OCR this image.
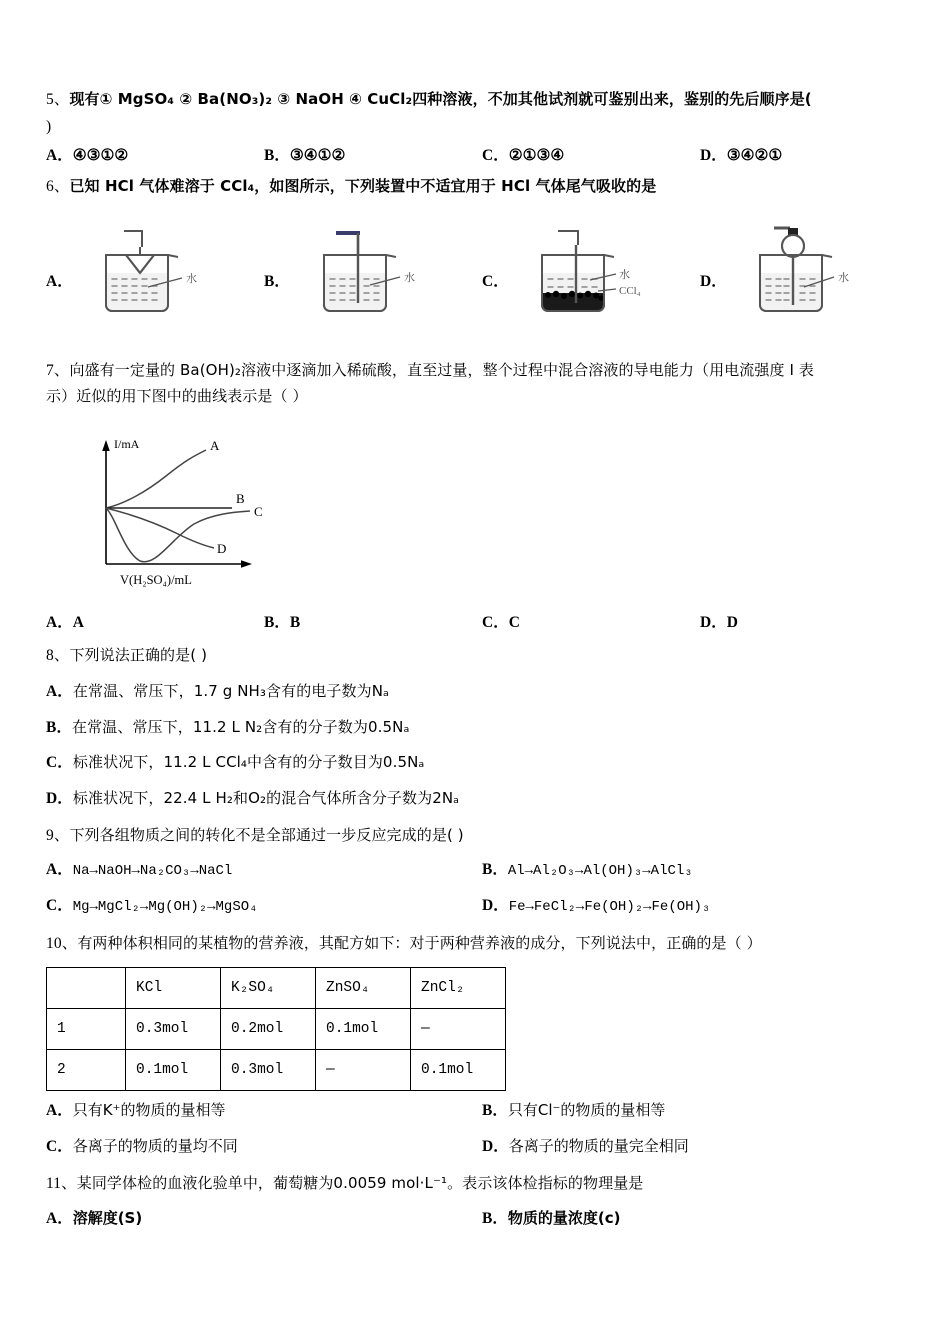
5、现有① MgSO₄ ② Ba(NO₃)₂ ③ NaOH ④ CuCl₂四种溶液，不加其他试剂就可鉴别出来，鉴别的先后顺序是(
)
A．④③①②	B．③④①②	C．②①③④	D．③④②①
6、已知 HCl 气体难溶于 CCl₄，如图所示，下列装置中不适宜用于 HCl 气体尾气吸收的是
A．	水	B．	水	C．	水
CCl₄
D．	水
7、向盛有一定量的 Ba(OH)₂溶液中逐滴加入稀硫酸，直至过量，整个过程中混合溶液的导电能力（用电流强度 I 表
示）近似的用下图中的曲线表示是（ ）
I/mA
V(H₂SO₄)/mL
A
B
C
D
A．A	B．B	C．C	D．D
8、下列说法正确的是( )
A．在常温、常压下，1.7 g NH₃含有的电子数为Nₐ
B．在常温、常压下，11.2 L N₂含有的分子数为0.5Nₐ
C．标准状况下，11.2 L CCl₄中含有的分子数目为0.5Nₐ
D．标准状况下，22.4 L H₂和O₂的混合气体所含分子数为2Nₐ
9、下列各组物质之间的转化不是全部通过一步反应完成的是( )
A．Na→NaOH→Na₂CO₃→NaCl	B．Al→Al₂O₃→Al(OH)₃→AlCl₃
C．Mg→MgCl₂→Mg(OH)₂→MgSO₄	D．Fe→FeCl₂→Fe(OH)₂→Fe(OH)₃
10、有两种体积相同的某植物的营养液，其配方如下：对于两种营养液的成分，下列说法中，正确的是（ ）
	KCl	K₂SO₄	ZnSO₄	ZnCl₂
1	0.3mol	0.2mol	0.1mol	—
2	0.1mol	0.3mol	—	0.1mol
A．只有K⁺的物质的量相等	B．只有Cl⁻的物质的量相等
C．各离子的物质的量均不同	D．各离子的物质的量完全相同
11、某同学体检的血液化验单中，葡萄糖为0.0059 mol·L⁻¹。表示该体检指标的物理量是
A．溶解度(S)	B．物质的量浓度(c)
